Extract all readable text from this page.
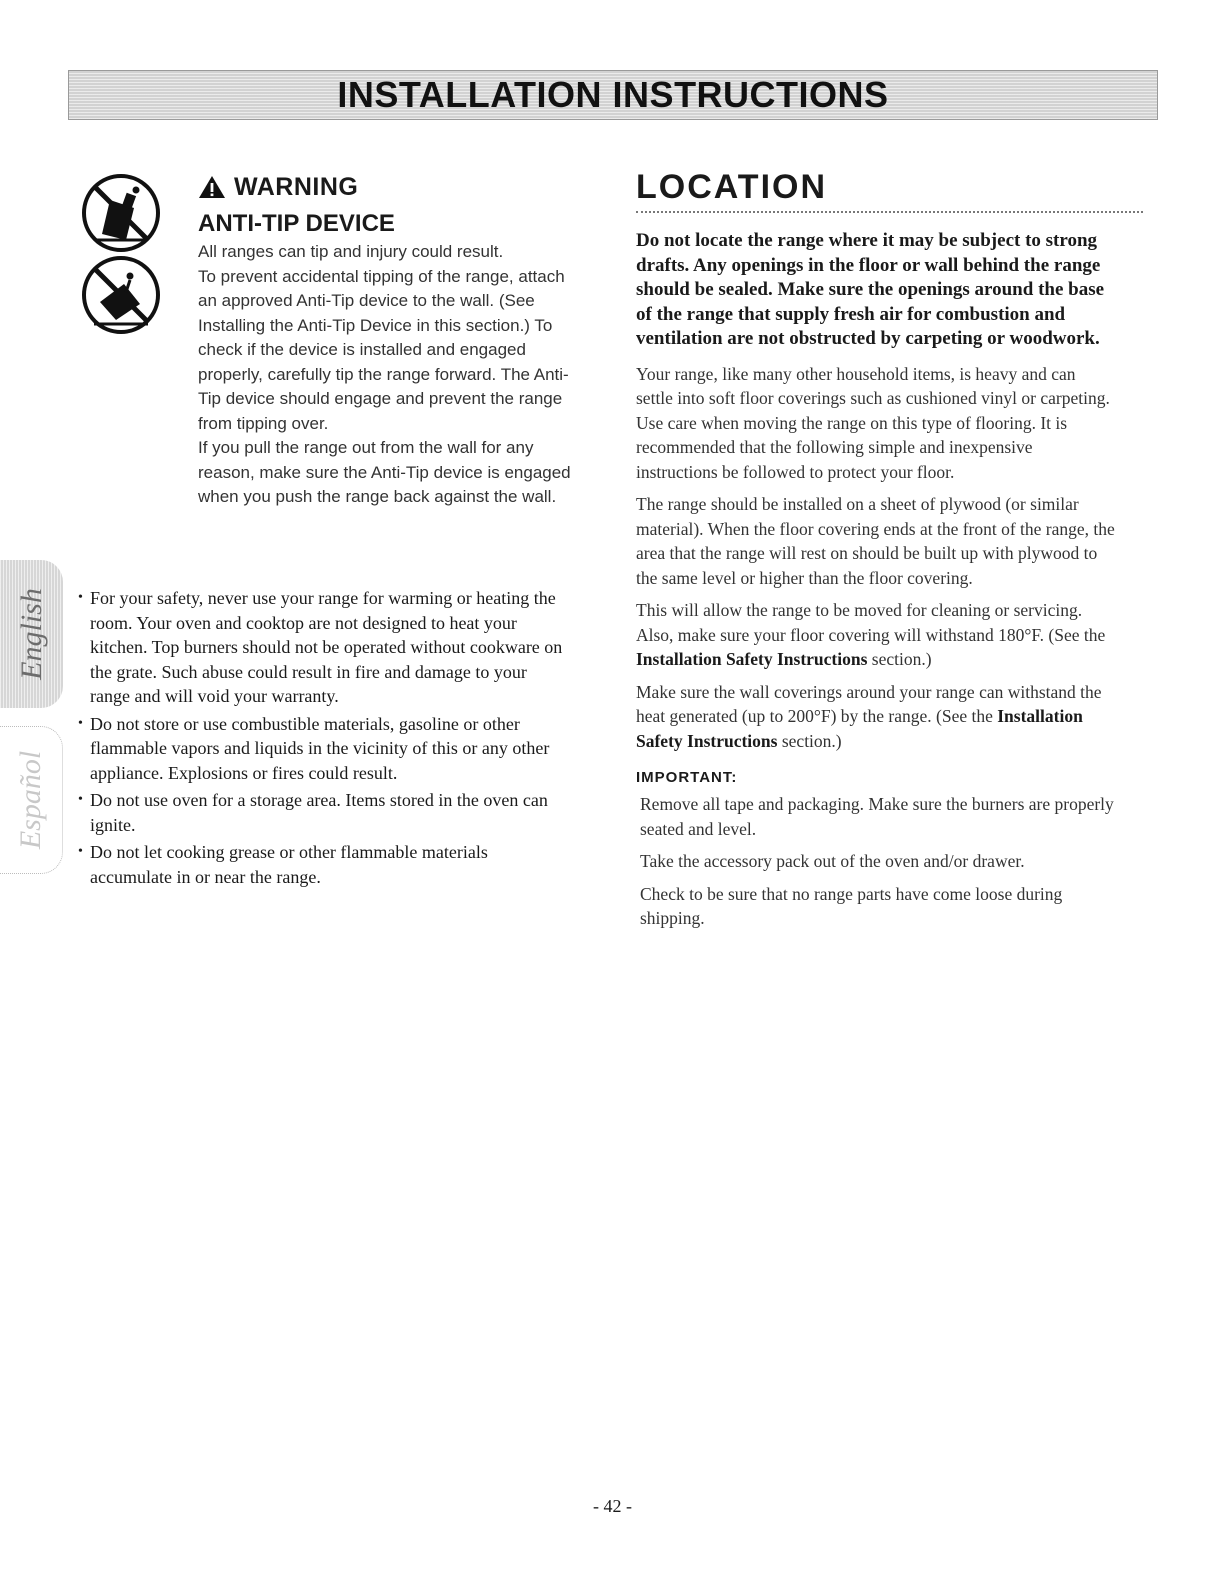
INSTALLATION INSTRUCTIONS
WARNING
ANTI-TIP DEVICE

All ranges can tip and injury could result.

To prevent accidental tipping of the range, attach an approved Anti-Tip device to the wall. (See Installing the Anti-Tip Device in this section.) To check if the device is installed and engaged properly, carefully tip the range forward. The Anti-Tip device should engage and prevent the range from tipping over.

If you pull the range out from the wall for any reason, make sure the Anti-Tip device is engaged when you push the range back against the wall.

English
Español
• For your safety, never use your range for warming or heating the room. Your oven and cooktop are not designed to heat your kitchen. Top burners should not be operated without cookware on the grate. Such abuse could result in fire and damage to your range and will void your warranty.
• Do not store or use combustible materials, gasoline or other flammable vapors and liquids in the vicinity of this or any other appliance. Explosions or fires could result.
• Do not use oven for a storage area. Items stored in the oven can ignite.
• Do not let cooking grease or other flammable materials accumulate in or near the range.
LOCATION

Do not locate the range where it may be subject to strong drafts. Any openings in the floor or wall behind the range should be sealed. Make sure the openings around the base of the range that supply fresh air for combustion and ventilation are not obstructed by carpeting or woodwork.

Your range, like many other household items, is heavy and can settle into soft floor coverings such as cushioned vinyl or carpeting. Use care when moving the range on this type of flooring. It is recommended that the following simple and inexpensive instructions be followed to protect your floor.

The range should be installed on a sheet of plywood (or similar material). When the floor covering ends at the front of the range, the area that the range will rest on should be built up with plywood to the same level or higher than the floor covering.

This will allow the range to be moved for cleaning or servicing. Also, make sure your floor covering will withstand 180°F. (See the Installation Safety Instructions section.)

Make sure the wall coverings around your range can withstand the heat generated (up to 200°F) by the range. (See the Installation Safety Instructions section.)

IMPORTANT:

Remove all tape and packaging. Make sure the burners are properly seated and level.

Take the accessory pack out of the oven and/or drawer.

Check to be sure that no range parts have come loose during shipping.

- 42 -
